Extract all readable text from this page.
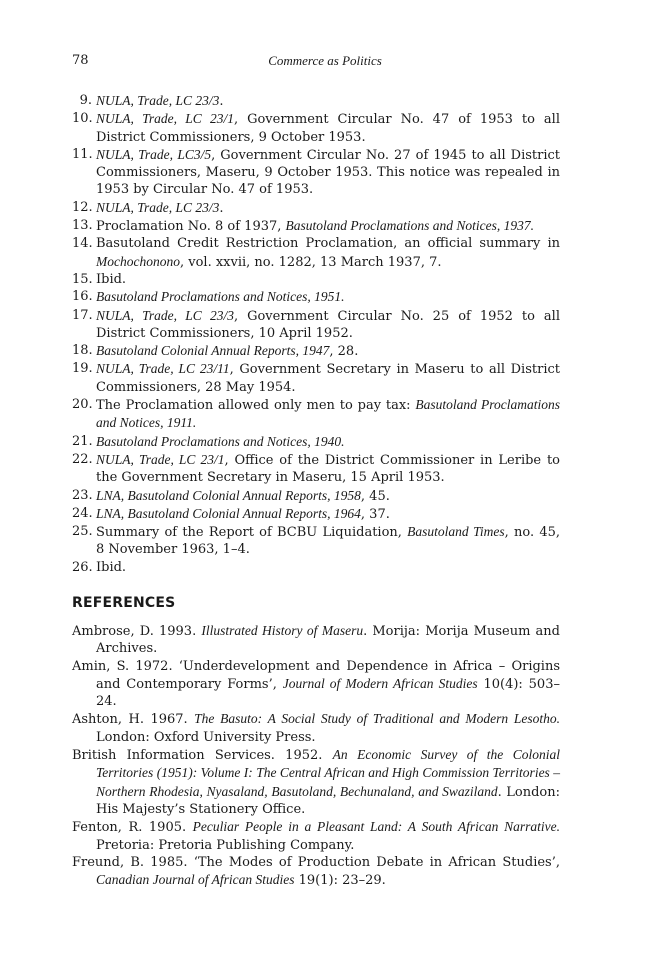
78	Commerce as Politics
9. NULA, Trade, LC 23/3.
10. NULA, Trade, LC 23/1, Government Circular No. 47 of 1953 to all District Commissioners, 9 October 1953.
11. NULA, Trade, LC3/5, Government Circular No. 27 of 1945 to all District Commissioners, Maseru, 9 October 1953. This notice was repealed in 1953 by Circular No. 47 of 1953.
12. NULA, Trade, LC 23/3.
13. Proclamation No. 8 of 1937, Basutoland Proclamations and Notices, 1937.
14. Basutoland Credit Restriction Proclamation, an official summary in Mochochonono, vol. xxvii, no. 1282, 13 March 1937, 7.
15. Ibid.
16. Basutoland Proclamations and Notices, 1951.
17. NULA, Trade, LC 23/3, Government Circular No. 25 of 1952 to all District Commissioners, 10 April 1952.
18. Basutoland Colonial Annual Reports, 1947, 28.
19. NULA, Trade, LC 23/11, Government Secretary in Maseru to all District Commissioners, 28 May 1954.
20. The Proclamation allowed only men to pay tax: Basutoland Proclamations and Notices, 1911.
21. Basutoland Proclamations and Notices, 1940.
22. NULA, Trade, LC 23/1, Office of the District Commissioner in Leribe to the Government Secretary in Maseru, 15 April 1953.
23. LNA, Basutoland Colonial Annual Reports, 1958, 45.
24. LNA, Basutoland Colonial Annual Reports, 1964, 37.
25. Summary of the Report of BCBU Liquidation, Basutoland Times, no. 45, 8 November 1963, 1–4.
26. Ibid.
REFERENCES
Ambrose, D. 1993. Illustrated History of Maseru. Morija: Morija Museum and Archives.
Amin, S. 1972. ‘Underdevelopment and Dependence in Africa – Origins and Contemporary Forms’, Journal of Modern African Studies 10(4): 503–24.
Ashton, H. 1967. The Basuto: A Social Study of Traditional and Modern Lesotho. London: Oxford University Press.
British Information Services. 1952. An Economic Survey of the Colonial Territories (1951): Volume I: The Central African and High Commission Territories – Northern Rhodesia, Nyasaland, Basutoland, Bechunaland, and Swaziland. London: His Majesty’s Stationery Office.
Fenton, R. 1905. Peculiar People in a Pleasant Land: A South African Narrative. Pretoria: Pretoria Publishing Company.
Freund, B. 1985. ‘The Modes of Production Debate in African Studies’, Canadian Journal of African Studies 19(1): 23–29.
